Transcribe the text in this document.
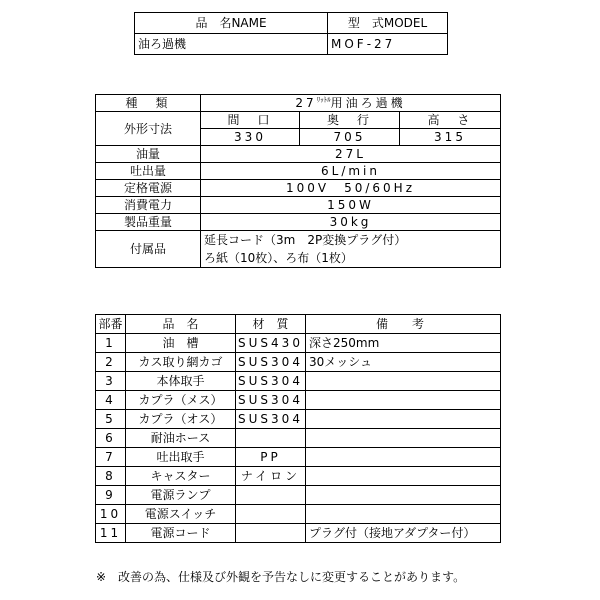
品　名NAME	型　式MODEL
油ろ過機	MOF-27
種　類	$27^{ﾘｯﾄﾙ}$用油ろ過機		
外形寸法	間　口	奥　行	高　さ
	330	705	315
油量	27L		
吐出量	6L/min		
定格電源	100V　50/60Hz		
消費電力	150W		
製品重量	30kg		
付属品	延長コード（3m　2P変換プラグ付）
ろ紙（10枚）、ろ布（1枚）		
部番	品　名	材　質	備　考
1	油　槽	SUS430	深さ250mm
2	カス取り網カゴ	SUS304	30メッシュ
3	本体取手	SUS304	
4	カプラ（メス）	SUS304	
5	カプラ（オス）	SUS304	
6	耐油ホース		
7	吐出取手	PP	
8	キャスター	ナイロン	
9	電源ランプ		
10	電源スイッチ		
11	電源コード		プラグ付（接地アダプター付）
※　改善の為、仕様及び外観を予告なしに変更することがあります。
